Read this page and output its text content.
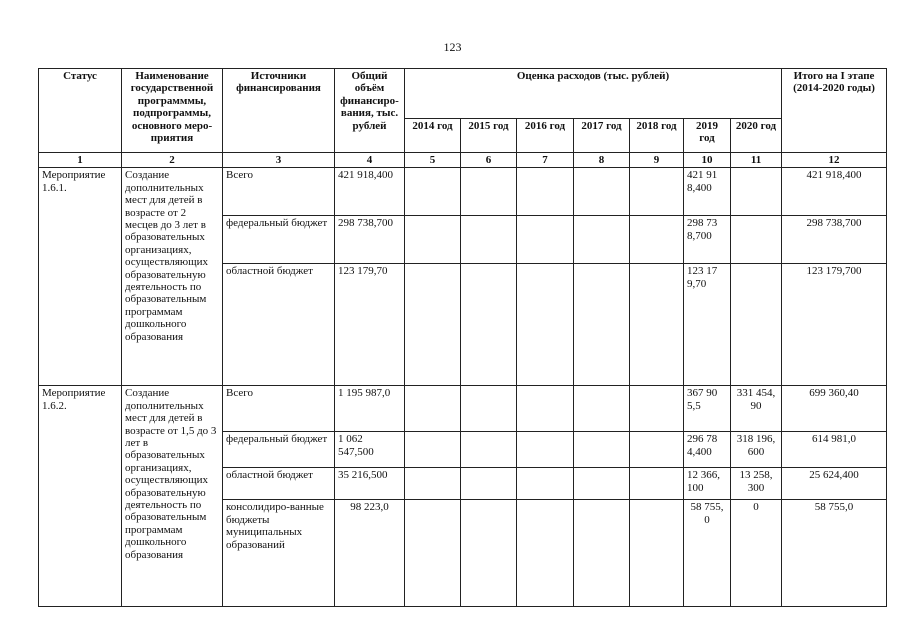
123
Статус	Наименование государственной программмы, подпрограммы, основного меро-приятия	Источники финансирования	Общий объём финансиро-вания, тыс. рублей	Оценка расходов (тыс. рублей)							Итого на I этапе (2014-2020 годы)
				2014 год	2015 год	2016 год	2017 год	2018 год	2019 год	2020 год	
1	2	3	4	5	6	7	8	9	10	11	12
Мероприятие 1.6.1.	Создание дополнительных мест для детей в возрасте от 2 месцев до 3 лет в образовательных организациях, осуществляющих образовательную деятельность по образовательным программам дошкольного образования	Всего	421 918,400						421 91 8,400		421 918,400
		федеральный бюджет	298 738,700						298 73 8,700		298 738,700
		областной бюджет	123 179,70						123 17 9,70		123 179,700
Мероприятие 1.6.2.	Создание дополнительных мест для детей в возрасте от 1,5 до 3 лет в образовательных организациях, осуществляющих образовательную деятельность по образовательным программам дошкольного образования	Всего	1 195 987,0						367 90 5,5	331 454, 90	699 360,40
		федеральный бюджет	1 062 547,500						296 78 4,400	318 196, 600	614 981,0
		областной бюджет	35 216,500						12 366, 100	13 258, 300	25 624,400
		консолидиро-ванные бюджеты муниципальных образований	98 223,0						58 755, 0	0	58 755,0
